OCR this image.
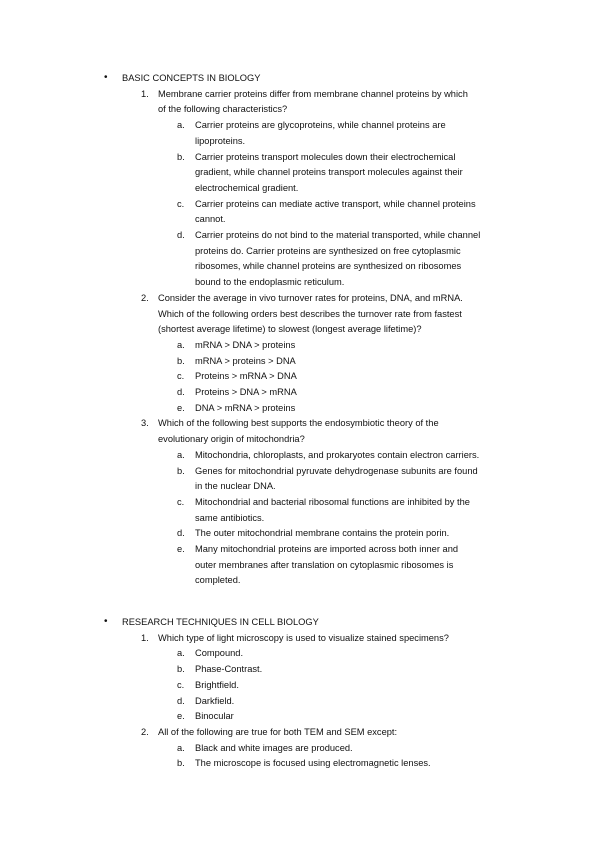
• BASIC CONCEPTS IN BIOLOGY
1. Membrane carrier proteins differ from membrane channel proteins by which
of the following characteristics?
a. Carrier proteins are glycoproteins, while channel proteins are
lipoproteins.
b. Carrier proteins transport molecules down their electrochemical
gradient, while channel proteins transport molecules against their
electrochemical gradient.
c. Carrier proteins can mediate active transport, while channel proteins
cannot.
d. Carrier proteins do not bind to the material transported, while channel
proteins do. Carrier proteins are synthesized on free cytoplasmic
ribosomes, while channel proteins are synthesized on ribosomes
bound to the endoplasmic reticulum.
2. Consider the average in vivo turnover rates for proteins, DNA, and mRNA.
Which of the following orders best describes the turnover rate from fastest
(shortest average lifetime) to slowest (longest average lifetime)?
a. mRNA > DNA > proteins
b. mRNA > proteins > DNA
c. Proteins > mRNA > DNA
d. Proteins > DNA > mRNA
e. DNA > mRNA > proteins
3. Which of the following best supports the endosymbiotic theory of the
evolutionary origin of mitochondria?
a. Mitochondria, chloroplasts, and prokaryotes contain electron carriers.
b. Genes for mitochondrial pyruvate dehydrogenase subunits are found
in the nuclear DNA.
c. Mitochondrial and bacterial ribosomal functions are inhibited by the
same antibiotics.
d. The outer mitochondrial membrane contains the protein porin.
e. Many mitochondrial proteins are imported across both inner and
outer membranes after translation on cytoplasmic ribosomes is
completed.
• RESEARCH TECHNIQUES IN CELL BIOLOGY
1. Which type of light microscopy is used to visualize stained specimens?
a. Compound.
b. Phase-Contrast.
c. Brightfield.
d. Darkfield.
e. Binocular
2. All of the following are true for both TEM and SEM except:
a. Black and white images are produced.
b. The microscope is focused using electromagnetic lenses.
